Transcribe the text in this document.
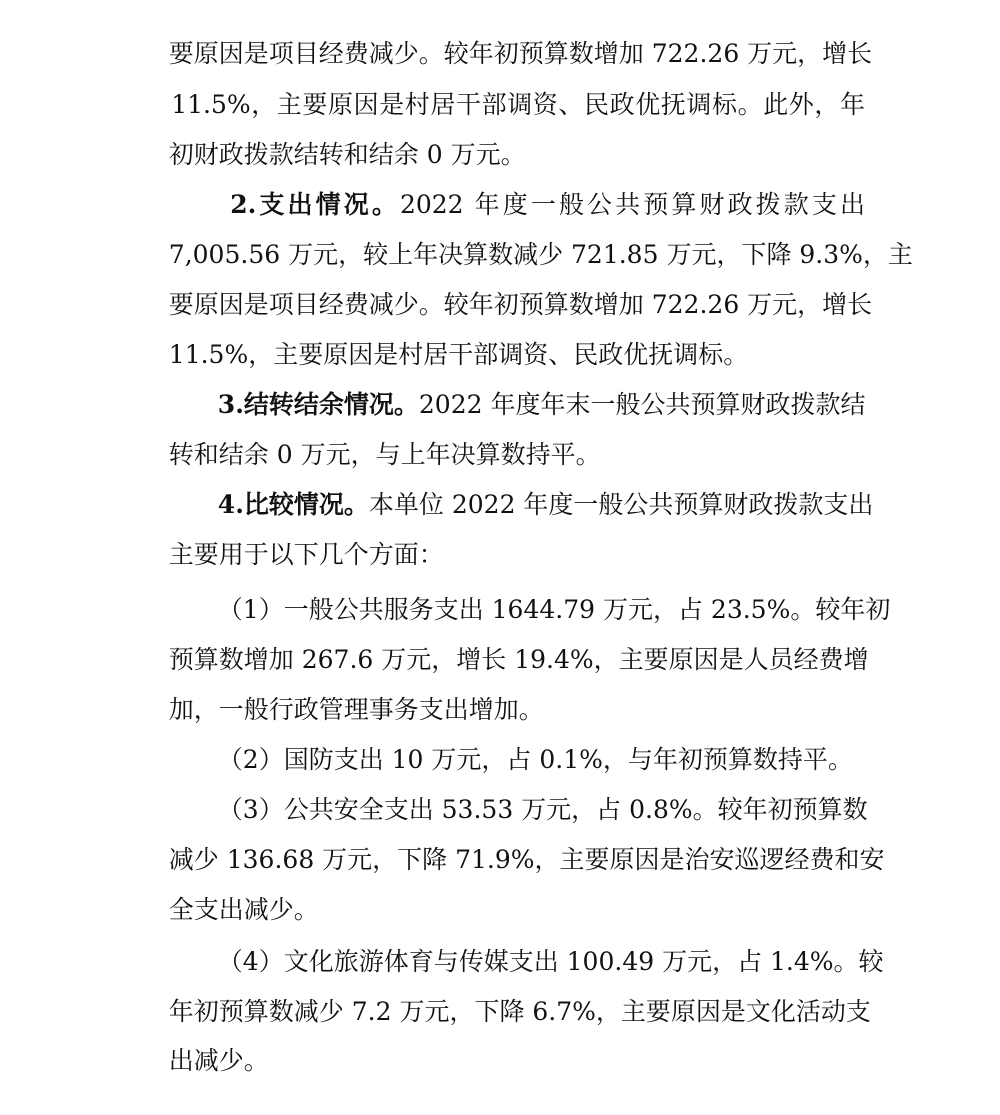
要原因是项目经费减少。较年初预算数增加 722.26 万元，增长

11.5%，主要原因是村居干部调资、民政优抚调标。此外，年

初财政拨款结转和结余 0 万元。

2.支出情况。2022 年度一般公共预算财政拨款支出

7,005.56 万元，较上年决算数减少 721.85 万元，下降 9.3%，主

要原因是项目经费减少。较年初预算数增加 722.26 万元，增长

11.5%，主要原因是村居干部调资、民政优抚调标。

3.结转结余情况。2022 年度年末一般公共预算财政拨款结

转和结余 0 万元，与上年决算数持平。

4.比较情况。本单位 2022 年度一般公共预算财政拨款支出

主要用于以下几个方面：

（1）一般公共服务支出 1644.79 万元，占 23.5%。较年初

预算数增加 267.6 万元，增长 19.4%，主要原因是人员经费增

加，一般行政管理事务支出增加。

（2）国防支出 10 万元，占 0.1%，与年初预算数持平。

（3）公共安全支出 53.53 万元，占 0.8%。较年初预算数

减少 136.68 万元，下降 71.9%，主要原因是治安巡逻经费和安

全支出减少。

（4）文化旅游体育与传媒支出 100.49 万元，占 1.4%。较

年初预算数减少 7.2 万元，下降 6.7%，主要原因是文化活动支

出减少。
